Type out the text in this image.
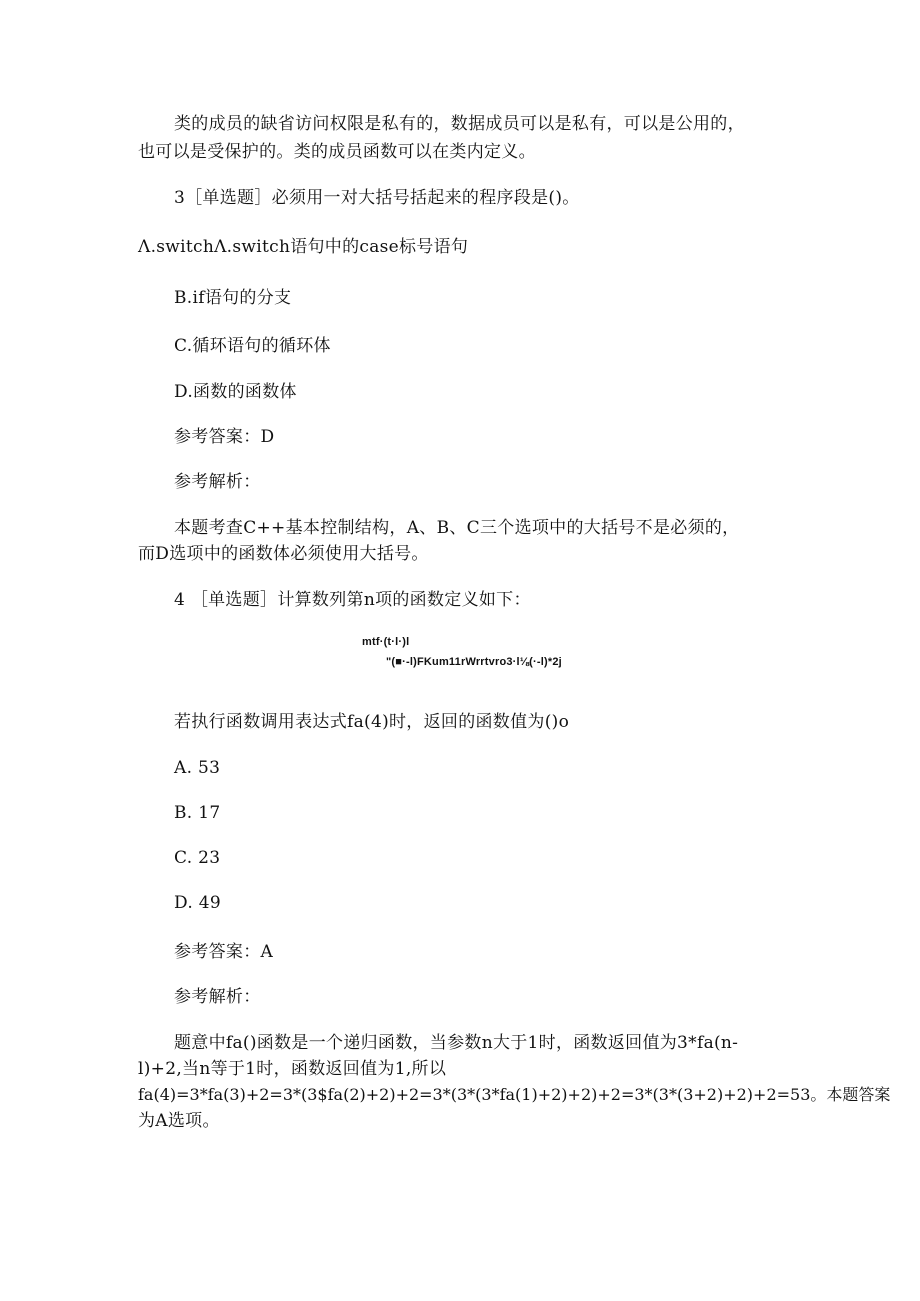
类的成员的缺省访问权限是私有的，数据成员可以是私有，可以是公用的，
也可以是受保护的。类的成员函数可以在类内定义。
3［单选题］必须用一对大括号括起来的程序段是()。
Λ.switchΛ.switch语句中的case标号语句
B.if语句的分支
C.循环语句的循环体
D.函数的函数体
参考答案：D
参考解析：
本题考查C++基本控制结构，A、B、C三个选项中的大括号不是必须的，
而D选项中的函数体必须使用大括号。
4 ［单选题］计算数列第n项的函数定义如下：
mtf·(t·l·)l
"(■·-l)FKum11rWrrtvro3·l⅛(·-l)*2j
若执行函数调用表达式fa(4)时，返回的函数值为()o
A. 53
B. 17
C. 23
D. 49
参考答案：A
参考解析：
题意中fa()函数是一个递归函数，当参数n大于1时，函数返回值为3*fa(n-
l)+2,当n等于1时，函数返回值为1,所以
fa(4)=3*fa(3)+2=3*(3$fa(2)+2)+2=3*(3*(3*fa(1)+2)+2)+2=3*(3*(3+2)+2)+2=53。本题答案
为A选项。
